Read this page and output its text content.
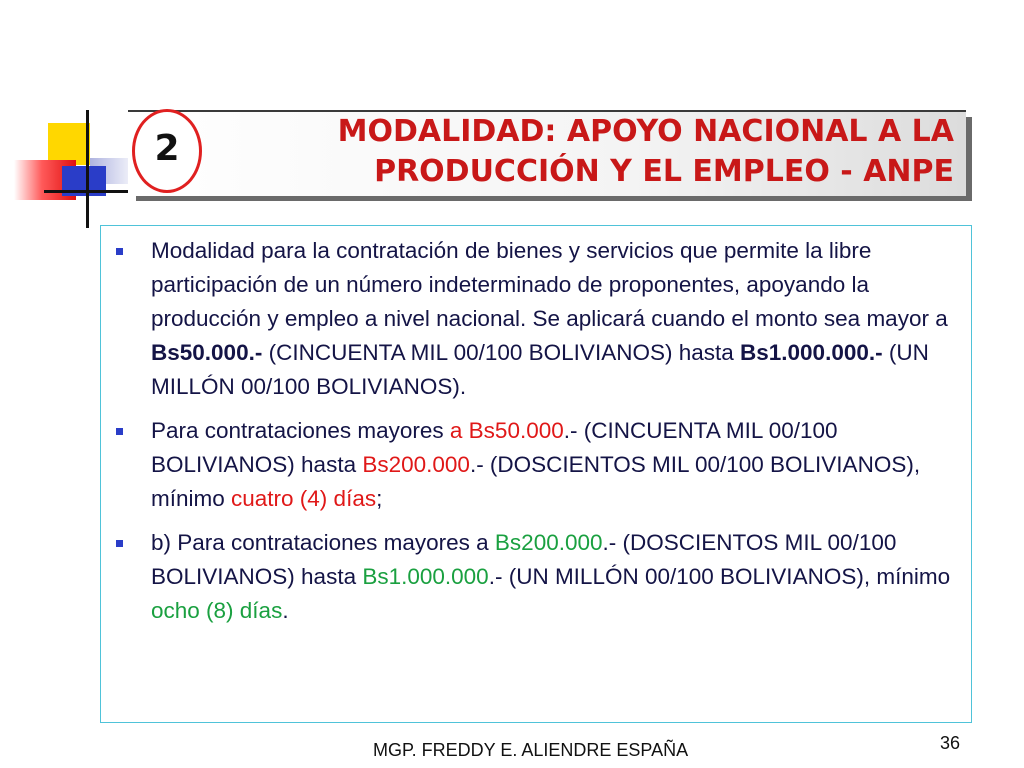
MODALIDAD: APOYO NACIONAL A LA
PRODUCCIÓN Y EL EMPLEO - ANPE
2
Modalidad para la contratación de bienes y servicios que permite la libre participación de un número indeterminado de proponentes, apoyando la producción y empleo a nivel nacional. Se aplicará cuando el monto sea mayor a Bs50.000.- (CINCUENTA MIL 00/100 BOLIVIANOS) hasta Bs1.000.000.- (UN MILLÓN 00/100 BOLIVIANOS).
Para contrataciones mayores a Bs50.000.- (CINCUENTA MIL 00/100 BOLIVIANOS) hasta Bs200.000.- (DOSCIENTOS MIL 00/100 BOLIVIANOS), mínimo cuatro (4) días;
b) Para contrataciones mayores a Bs200.000.- (DOSCIENTOS MIL 00/100 BOLIVIANOS) hasta Bs1.000.000.- (UN MILLÓN 00/100 BOLIVIANOS), mínimo ocho (8) días.
MGP. FREDDY E. ALIENDRE ESPAÑA	36
